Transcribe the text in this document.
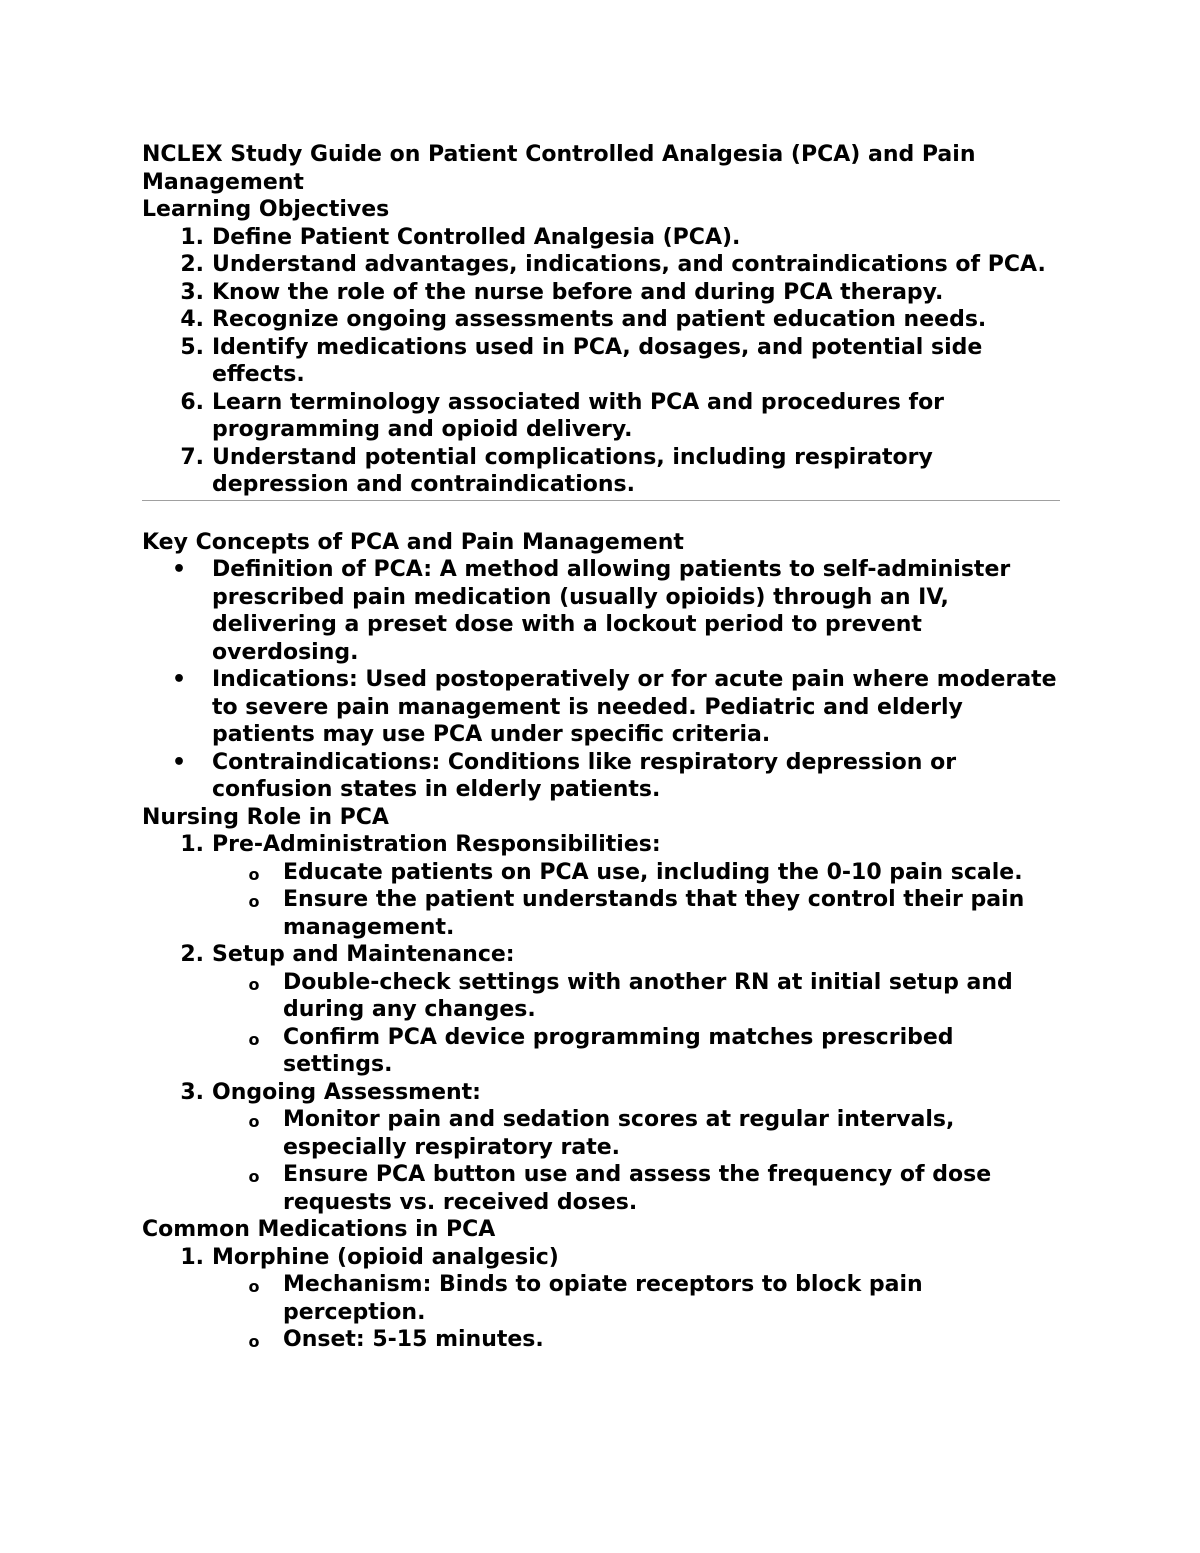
NCLEX Study Guide on Patient Controlled Analgesia (PCA) and Pain Management
Learning Objectives
1. Define Patient Controlled Analgesia (PCA).
2. Understand advantages, indications, and contraindications of PCA.
3. Know the role of the nurse before and during PCA therapy.
4. Recognize ongoing assessments and patient education needs.
5. Identify medications used in PCA, dosages, and potential side effects.
6. Learn terminology associated with PCA and procedures for programming and opioid delivery.
7. Understand potential complications, including respiratory depression and contraindications.
Key Concepts of PCA and Pain Management
• Definition of PCA: A method allowing patients to self-administer prescribed pain medication (usually opioids) through an IV, delivering a preset dose with a lockout period to prevent overdosing.
• Indications: Used postoperatively or for acute pain where moderate to severe pain management is needed. Pediatric and elderly patients may use PCA under specific criteria.
• Contraindications: Conditions like respiratory depression or confusion states in elderly patients.
Nursing Role in PCA
1. Pre-Administration Responsibilities:
o Educate patients on PCA use, including the 0-10 pain scale.
o Ensure the patient understands that they control their pain management.
2. Setup and Maintenance:
o Double-check settings with another RN at initial setup and during any changes.
o Confirm PCA device programming matches prescribed settings.
3. Ongoing Assessment:
o Monitor pain and sedation scores at regular intervals, especially respiratory rate.
o Ensure PCA button use and assess the frequency of dose requests vs. received doses.
Common Medications in PCA
1. Morphine (opioid analgesic)
o Mechanism: Binds to opiate receptors to block pain perception.
o Onset: 5-15 minutes.
